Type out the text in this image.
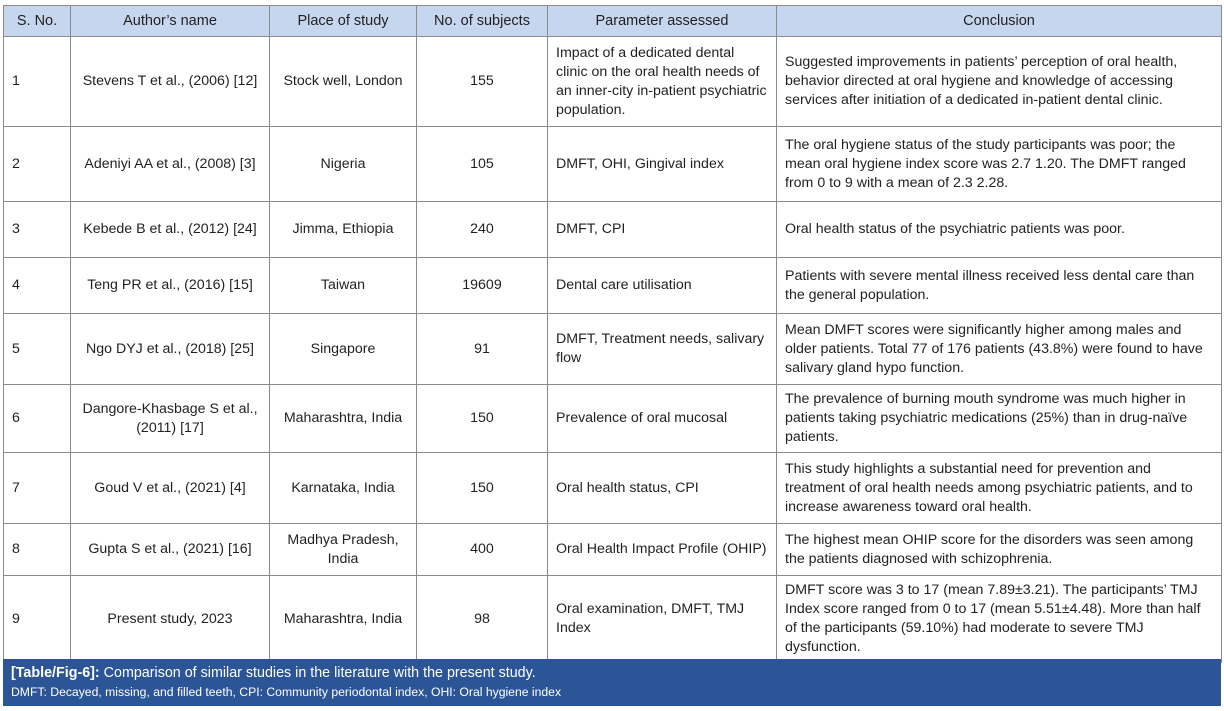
S. No.	Author’s name	Place of study	No. of subjects	Parameter assessed	Conclusion
1	Stevens T et al., (2006) [12]	Stock well, London	155	Impact of a dedicated dental clinic on the oral health needs of an inner-city in-patient psychiatric population.	Suggested improvements in patients’ perception of oral health, behavior directed at oral hygiene and knowledge of accessing services after initiation of a dedicated in-patient dental clinic.
2	Adeniyi AA et al., (2008) [3]	Nigeria	105	DMFT, OHI, Gingival index	The oral hygiene status of the study participants was poor; the mean oral hygiene index score was 2.7 1.20. The DMFT ranged from 0 to 9 with a mean of 2.3 2.28.
3	Kebede B et al., (2012) [24]	Jimma, Ethiopia	240	DMFT, CPI	Oral health status of the psychiatric patients was poor.
4	Teng PR et al., (2016) [15]	Taiwan	19609	Dental care utilisation	Patients with severe mental illness received less dental care than the general population.
5	Ngo DYJ et al., (2018) [25]	Singapore	91	DMFT, Treatment needs, salivary flow	Mean DMFT scores were significantly higher among males and older patients. Total 77 of 176 patients (43.8%) were found to have salivary gland hypo function.
6	Dangore-Khasbage S et al., (2011) [17]	Maharashtra, India	150	Prevalence of oral mucosal	The prevalence of burning mouth syndrome was much higher in patients taking psychiatric medications (25%) than in drug-naïve patients.
7	Goud V et al., (2021) [4]	Karnataka, India	150	Oral health status, CPI	This study highlights a substantial need for prevention and treatment of oral health needs among psychiatric patients, and to increase awareness toward oral health.
8	Gupta S et al., (2021) [16]	Madhya Pradesh, India	400	Oral Health Impact Profile (OHIP)	The highest mean OHIP score for the disorders was seen among the patients diagnosed with schizophrenia.
9	Present study, 2023	Maharashtra, India	98	Oral examination, DMFT, TMJ Index	DMFT score was 3 to 17 (mean 7.89±3.21). The participants’ TMJ Index score ranged from 0 to 17 (mean 5.51±4.48). More than half of the participants (59.10%) had moderate to severe TMJ dysfunction.
[Table/Fig-6]: Comparison of similar studies in the literature with the present study.
DMFT: Decayed, missing, and filled teeth, CPI: Community periodontal index, OHI: Oral hygiene index
